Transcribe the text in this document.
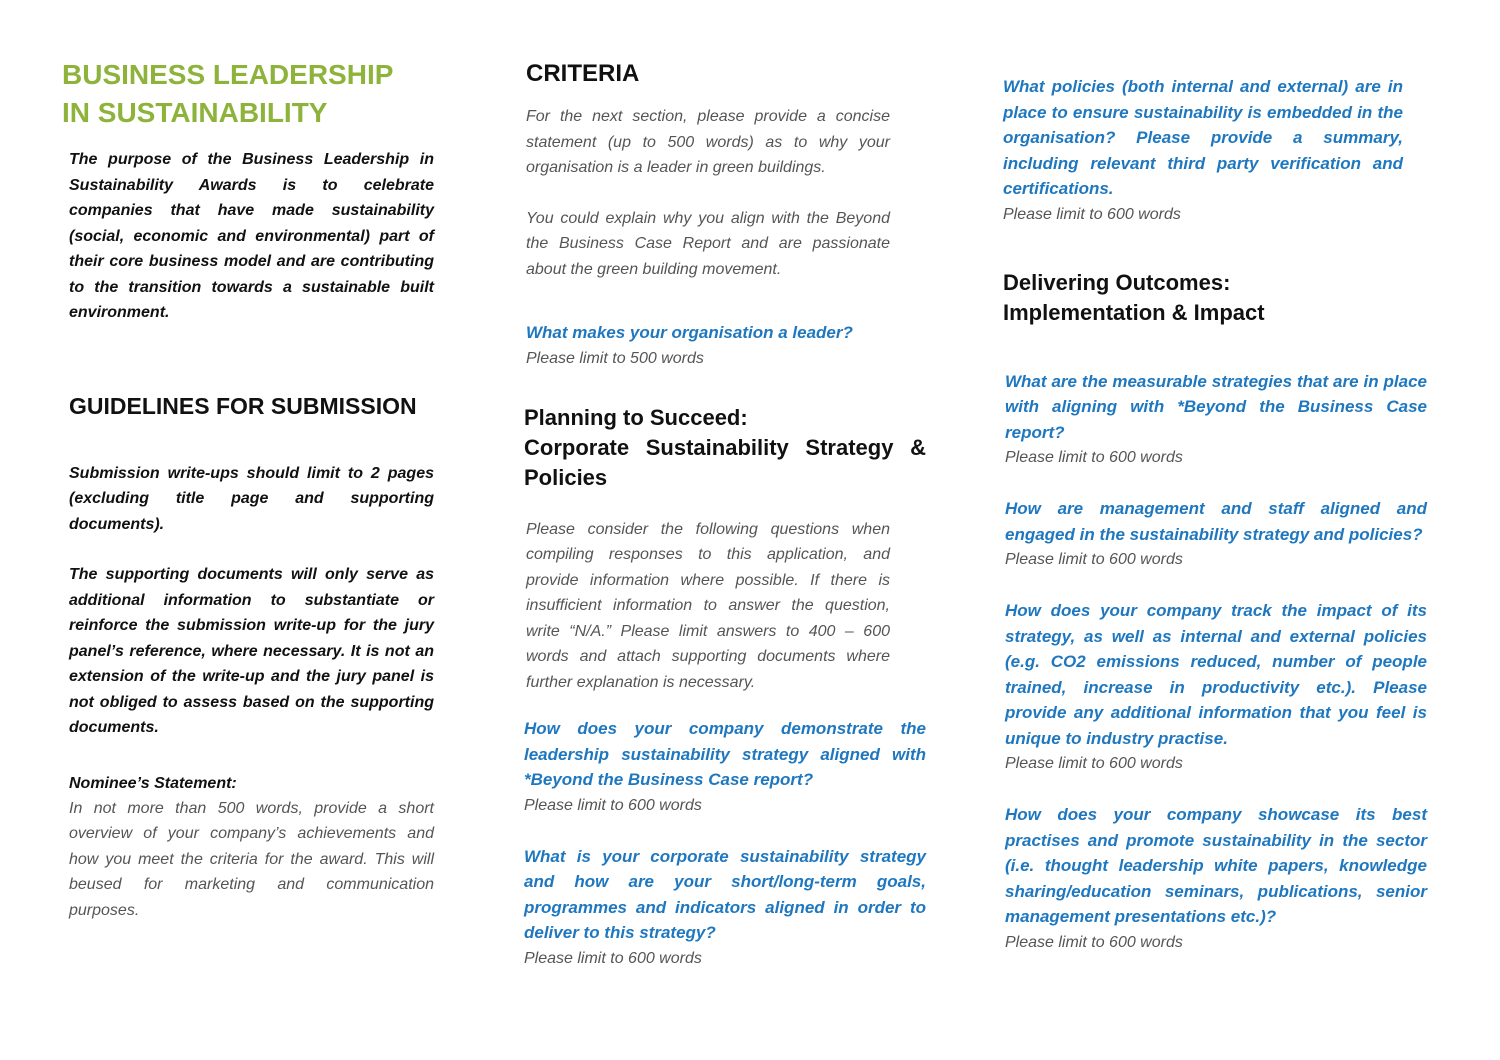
BUSINESS LEADERSHIP
IN SUSTAINABILITY

The purpose of the Business Leadership in Sustainability Awards is to celebrate companies that have made sustainability (social, economic and environmental) part of their core business model and are contributing to the transition towards a sustainable built environment.

GUIDELINES FOR SUBMISSION

Submission write-ups should limit to 2 pages (excluding title page and supporting documents).

The supporting documents will only serve as additional information to substantiate or reinforce the submission write-up for the jury panel’s reference, where necessary. It is not an extension of the write-up and the jury panel is not obliged to assess based on the supporting documents.

Nominee’s Statement:

In not more than 500 words, provide a short overview of your company’s achievements and how you meet the criteria for the award. This will beused for marketing and communication purposes.

CRITERIA

For the next section, please provide a concise statement (up to 500 words) as to why your organisation is a leader in green buildings.

You could explain why you align with the Beyond the Business Case Report and are passionate about the green building movement.

What makes your organisation a leader?

Please limit to 500 words

Planning to Succeed:
Corporate Sustainability Strategy & Policies

Please consider the following questions when compiling responses to this application, and provide information where possible. If there is insufficient information to answer the question, write “N/A.” Please limit answers to 400 – 600 words and attach supporting documents where further explanation is necessary.

How does your company demonstrate the leadership sustainability strategy aligned with *Beyond the Business Case report?

Please limit to 600 words

What is your corporate sustainability strategy and how are your short/long-term goals, programmes and indicators aligned in order to deliver to this strategy?

Please limit to 600 words

What policies (both internal and external) are in place to ensure sustainability is embedded in the organisation? Please provide a summary, including relevant third party verification and certifications.

Please limit to 600 words

Delivering Outcomes:
Implementation & Impact

What are the measurable strategies that are in place with aligning with *Beyond the Business Case report?

Please limit to 600 words

How are management and staff aligned and engaged in the sustainability strategy and policies?

Please limit to 600 words

How does your company track the impact of its strategy, as well as internal and external policies (e.g. CO2 emissions reduced, number of people trained, increase in productivity etc.). Please provide any additional information that you feel is unique to industry practise.

Please limit to 600 words

How does your company showcase its best practises and promote sustainability in the sector (i.e. thought leadership white papers, knowledge sharing/education seminars, publications, senior management presentations etc.)?

Please limit to 600 words
